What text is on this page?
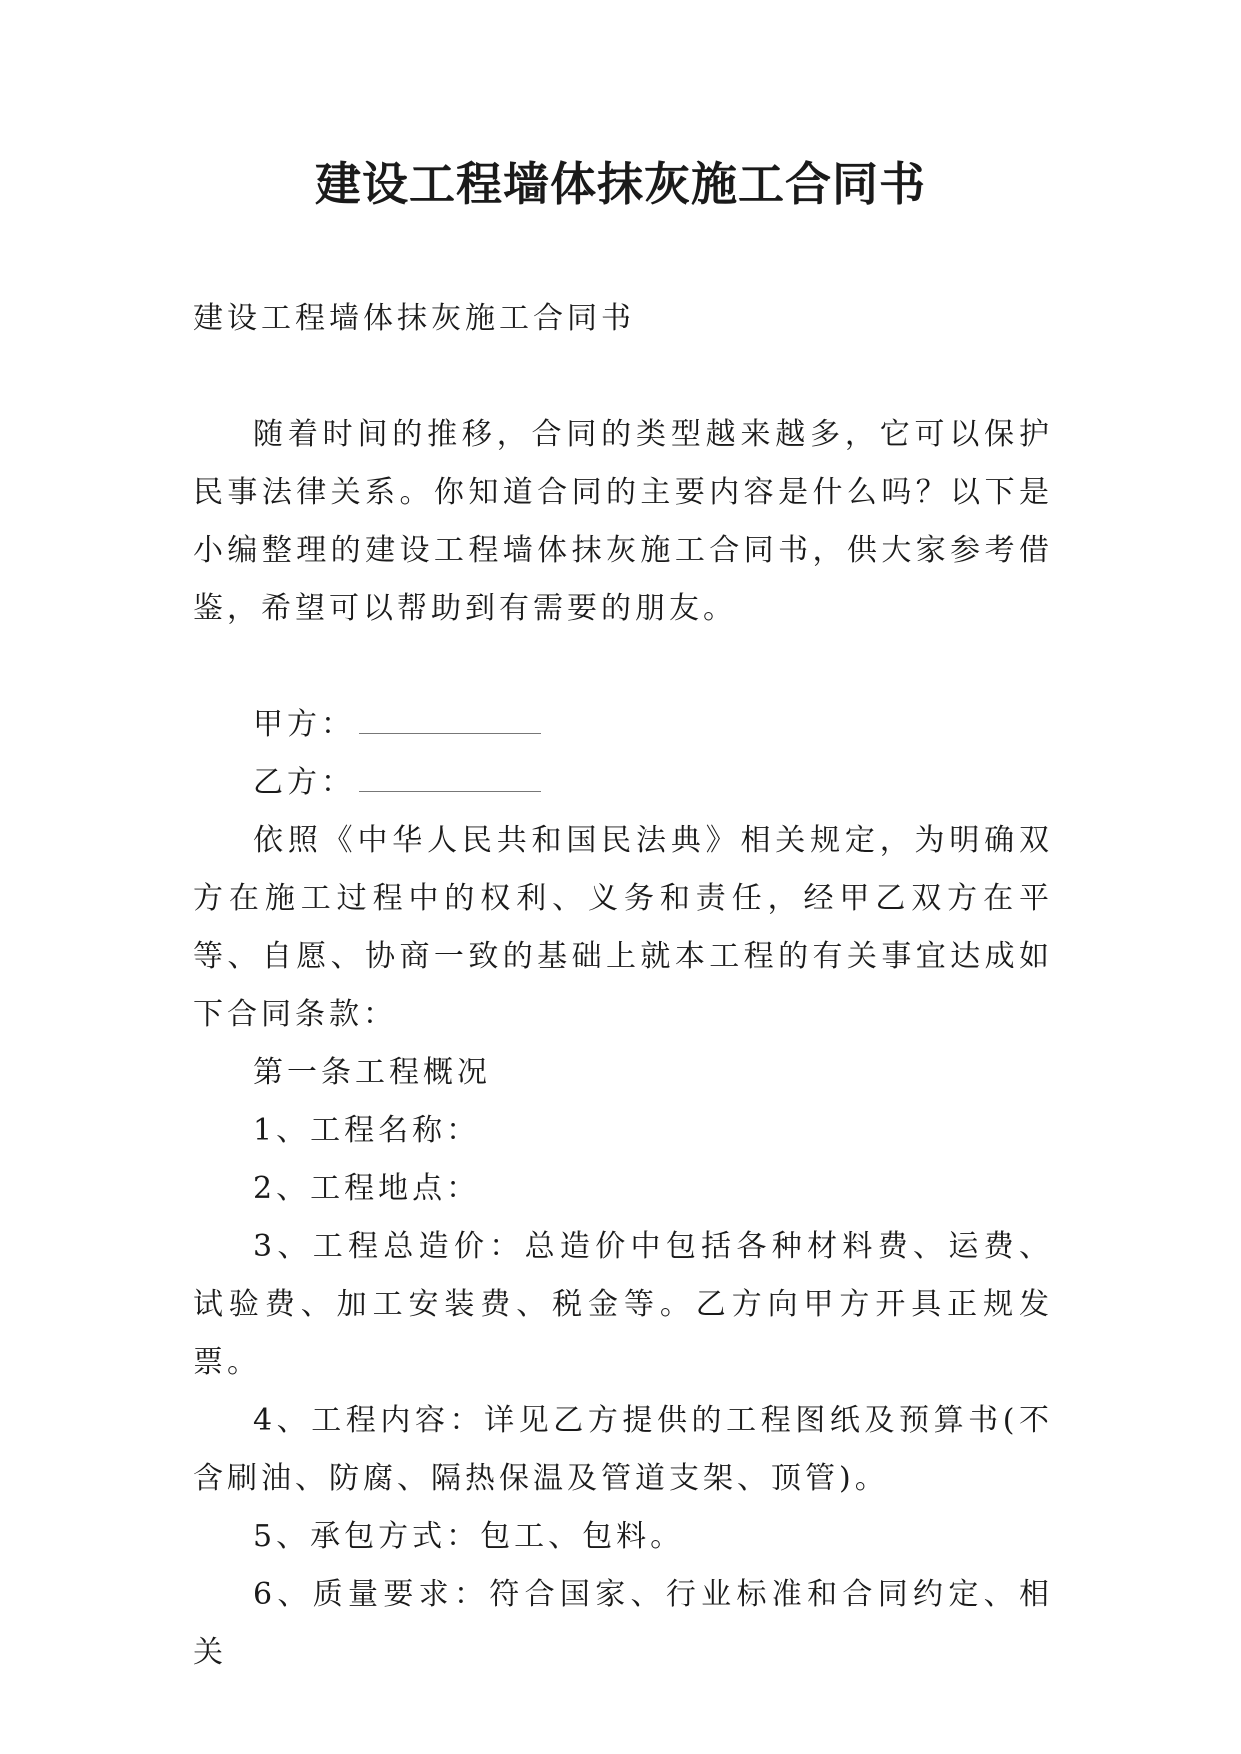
建设工程墙体抹灰施工合同书

建设工程墙体抹灰施工合同书

随着时间的推移，合同的类型越来越多，它可以保护民事法律关系。你知道合同的主要内容是什么吗？以下是小编整理的建设工程墙体抹灰施工合同书，供大家参考借鉴，希望可以帮助到有需要的朋友。

甲方：

乙方：

依照《中华人民共和国民法典》相关规定，为明确双方在施工过程中的权利、义务和责任，经甲乙双方在平等、自愿、协商一致的基础上就本工程的有关事宜达成如下合同条款：

第一条工程概况

1、工程名称：

2、工程地点：

3、工程总造价：总造价中包括各种材料费、运费、试验费、加工安装费、税金等。乙方向甲方开具正规发票。

4、工程内容：详见乙方提供的工程图纸及预算书(不含刷油、防腐、隔热保温及管道支架、顶管)。

5、承包方式：包工、包料。

6、质量要求：符合国家、行业标准和合同约定、相关
